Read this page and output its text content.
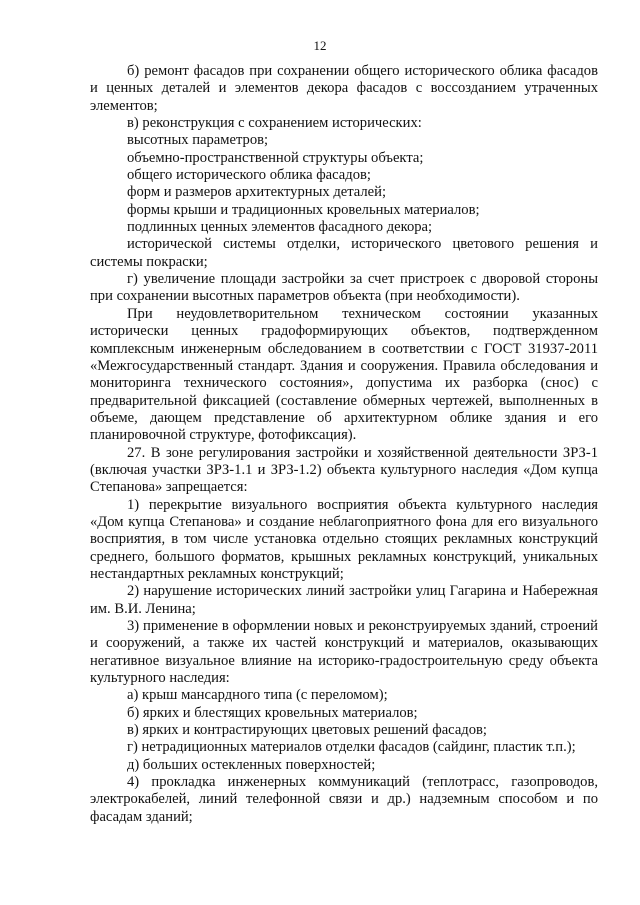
12

б) ремонт фасадов при сохранении общего исторического облика фасадов и ценных деталей и элементов декора фасадов с воссозданием утраченных элементов;

в) реконструкция с сохранением исторических:

высотных параметров;

объемно-пространственной структуры объекта;

общего исторического облика фасадов;

форм и размеров архитектурных деталей;

формы крыши и традиционных кровельных материалов;

подлинных ценных элементов фасадного декора;

исторической системы отделки, исторического цветового решения и системы покраски;

г) увеличение площади застройки за счет пристроек с дворовой стороны при сохранении высотных параметров объекта (при необходимости).

При неудовлетворительном техническом состоянии указанных исторически ценных градоформирующих объектов, подтвержденном комплексным инженерным обследованием в соответствии с ГОСТ 31937-2011 «Межгосударственный стандарт. Здания и сооружения. Правила обследования и мониторинга технического состояния», допустима их разборка (снос) с предварительной фиксацией (составление обмерных чертежей, выполненных в объеме, дающем представление об архитектурном облике здания и его планировочной структуре, фотофиксация).

27. В зоне регулирования застройки и хозяйственной деятельности ЗРЗ-1 (включая участки ЗРЗ-1.1 и ЗРЗ-1.2) объекта культурного наследия «Дом купца Степанова» запрещается:

1) перекрытие визуального восприятия объекта культурного наследия «Дом купца Степанова» и создание неблагоприятного фона для его визуального восприятия, в том числе установка отдельно стоящих рекламных конструкций среднего, большого форматов, крышных рекламных конструкций, уникальных нестандартных рекламных конструкций;

2) нарушение исторических линий застройки улиц Гагарина и Набережная им. В.И. Ленина;

3) применение в оформлении новых и реконструируемых зданий, строений и сооружений, а также их частей конструкций и материалов, оказывающих негативное визуальное влияние на историко-градостроительную среду объекта культурного наследия:

а) крыш мансардного типа (с переломом);

б) ярких и блестящих кровельных материалов;

в) ярких и контрастирующих цветовых решений фасадов;

г) нетрадиционных материалов отделки фасадов (сайдинг, пластик т.п.);

д) больших остекленных поверхностей;

4) прокладка инженерных коммуникаций (теплотрасс, газопроводов, электрокабелей, линий телефонной связи и др.) надземным способом и по фасадам зданий;
